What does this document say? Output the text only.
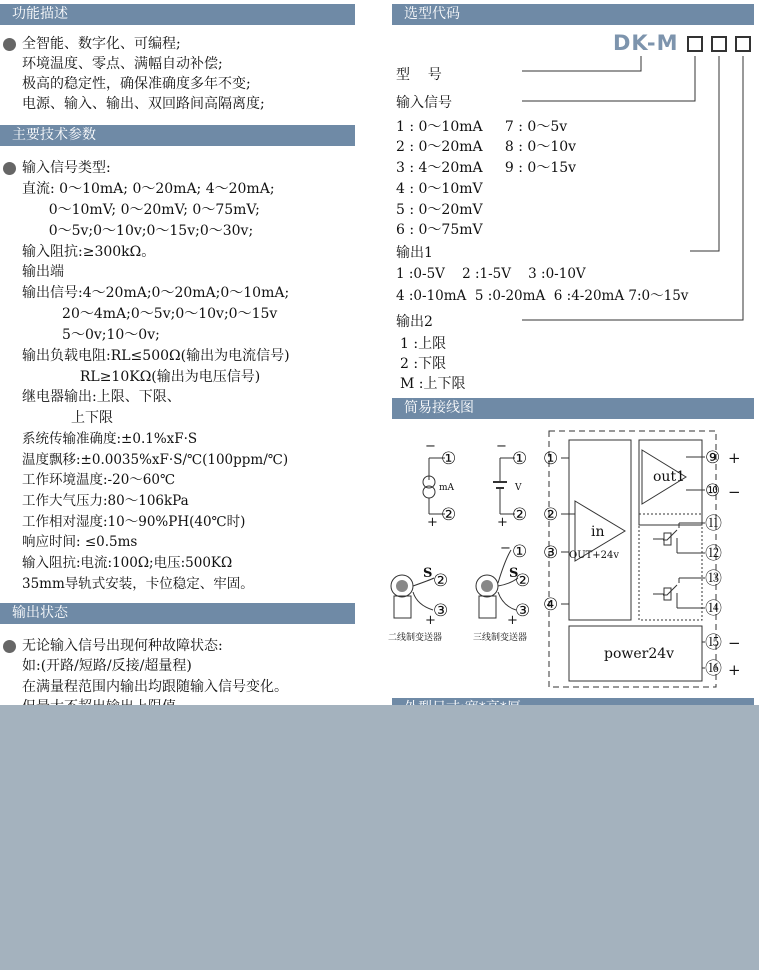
功能描述
全智能、数字化、可编程;
环境温度、零点、满幅自动补偿;
极高的稳定性，确保准确度多年不变;
电源、输入、输出、双回路间高隔离度;
主要技术参数
输入信号类型:
直流: 0～10mA; 0～20mA; 4～20mA;
0～10mV; 0～20mV; 0～75mV;
0～5v;0～10v;0～15v;0～30v;
输入阻抗:≥300kΩ。
输出端
输出信号:4～20mA;0～20mA;0～10mA;
20～4mA;0～5v;0～10v;0～15v
5～0v;10～0v;
输出负载电阻:RL≤500Ω(输出为电流信号)
RL≥10KΩ(输出为电压信号)
继电器输出:上限、下限、
上下限
系统传输准确度:±0.1%xF·S
温度飘移:±0.0035%xF·S/℃(100ppm/℃)
工作环境温度:-20～60℃
工作大气压力:80～106kPa
工作相对湿度:10～90%PH(40℃时)
响应时间: ≤0.5ms
输入阻抗:电流:100Ω;电压:500KΩ
35mm导轨式安装，卡位稳定、牢固。
输出状态
无论输入信号出现何种故障状态:
如:(开路/短路/反接/超量程)
在满量程范围内输出均跟随输入信号变化。
选型代码
DK-M
型    号
输入信号
1 : 0～10mA     7 : 0～5v
2 : 0～20mA     8 : 0～10v
3 : 4～20mA     9 : 0～15v
4 : 0～10mV
5 : 0～20mV
6 : 0～75mV
输出1
1 :0-5V    2 :1-5V    3 :0-10V
4 :0-10mA  5 :0-20mA  6 :4-20mA 7:0～15v
输出2
1 :上限
2 :下限
M :上下限
简易接线图
−
①
mA
+ ②
−
①
V
+ ②
− ①
S ②
+
③
二线制变送器
S
②
+
③
三线制变送器
①
②
③
④
out1
in
OUT+24v
power24v
⑨
⑩
⑪
⑫
⑬
⑭
⑮
⑯
+
−
−
+
